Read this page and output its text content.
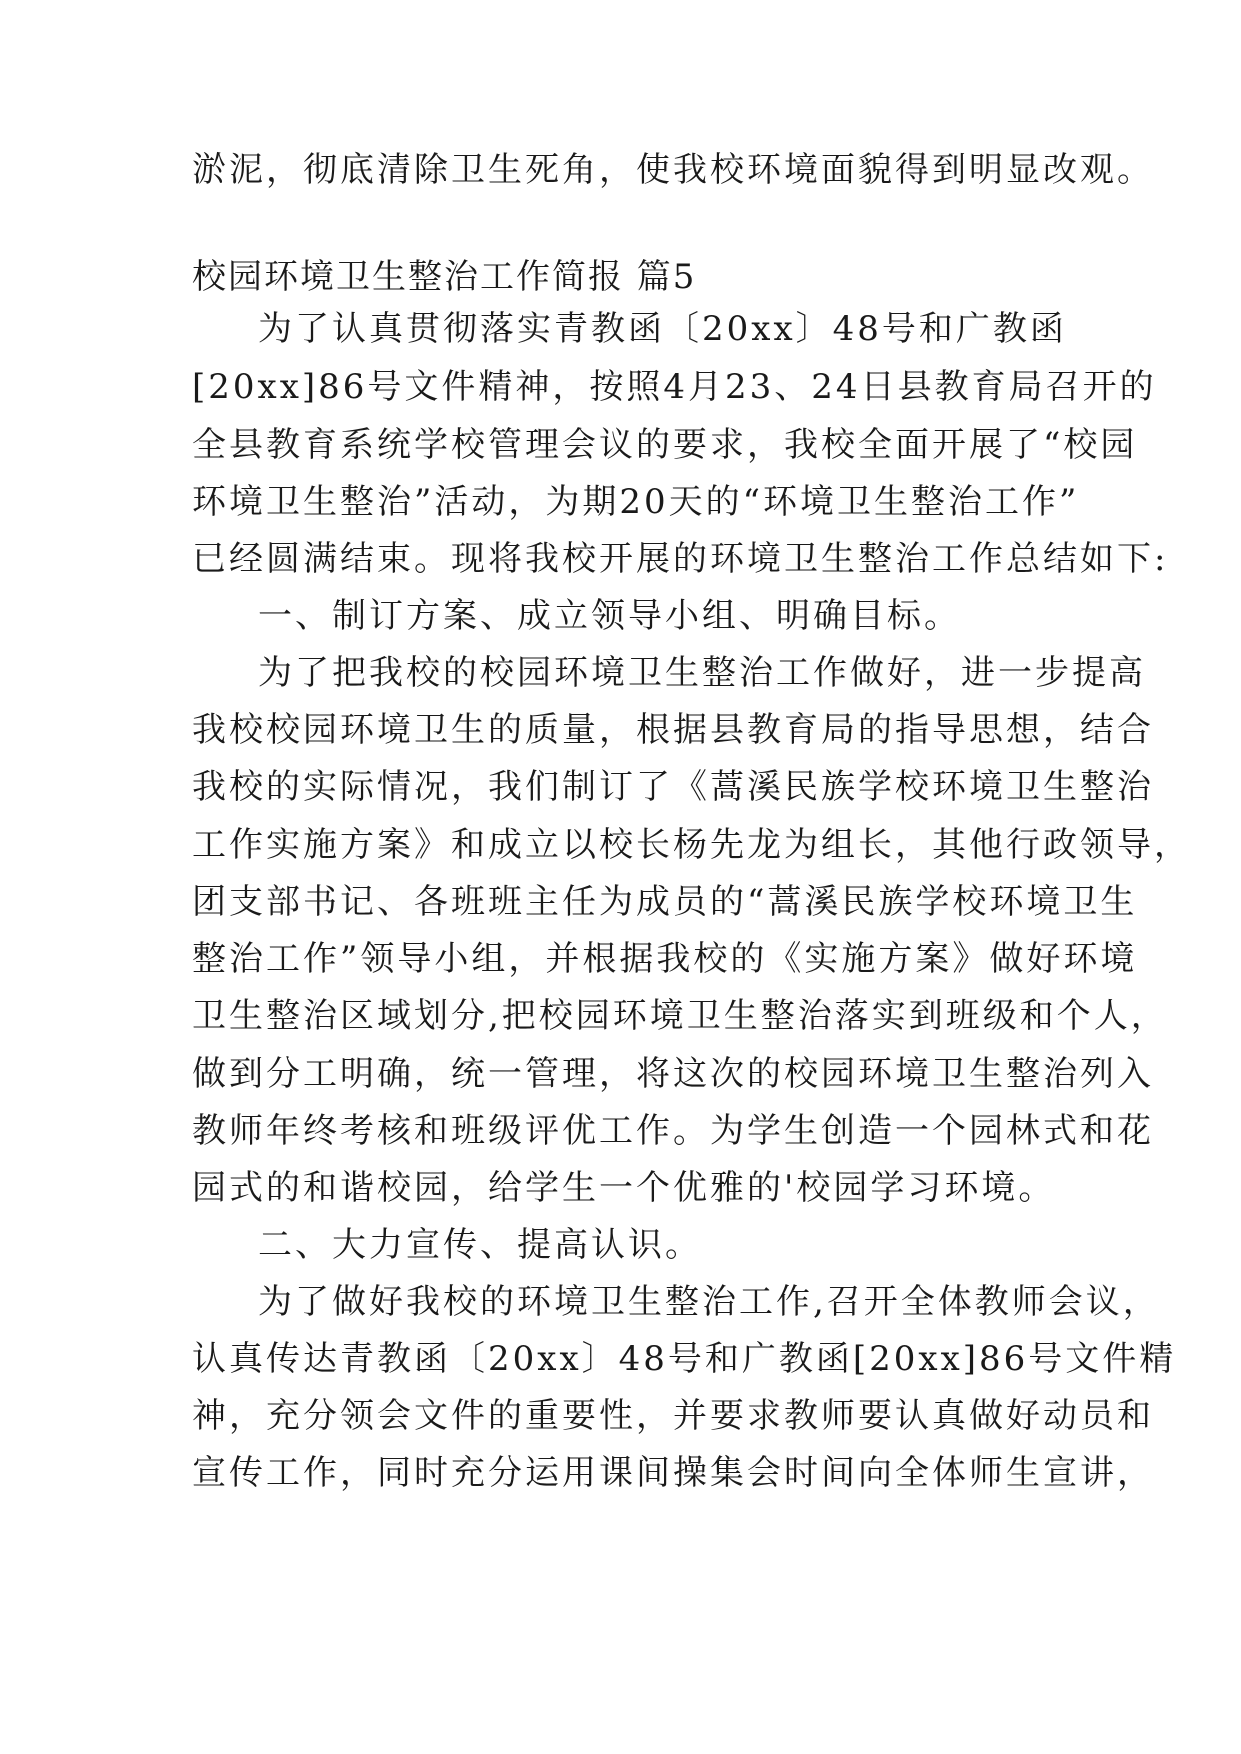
淤泥，彻底清除卫生死角，使我校环境面貌得到明显改观。
校园环境卫生整治工作简报 篇5
为了认真贯彻落实青教函〔20xx〕48号和广教函
[20xx]86号文件精神，按照4月23、24日县教育局召开的
全县教育系统学校管理会议的要求，我校全面开展了“校园
环境卫生整治”活动，为期20天的“环境卫生整治工作”
已经圆满结束。现将我校开展的环境卫生整治工作总结如下:
一、制订方案、成立领导小组、明确目标。
为了把我校的校园环境卫生整治工作做好，进一步提高
我校校园环境卫生的质量，根据县教育局的指导思想，结合
我校的实际情况，我们制订了《蒿溪民族学校环境卫生整治
工作实施方案》和成立以校长杨先龙为组长，其他行政领导，
团支部书记、各班班主任为成员的“蒿溪民族学校环境卫生
整治工作”领导小组，并根据我校的《实施方案》做好环境
卫生整治区域划分,把校园环境卫生整治落实到班级和个人，
做到分工明确，统一管理，将这次的校园环境卫生整治列入
教师年终考核和班级评优工作。为学生创造一个园林式和花
园式的和谐校园，给学生一个优雅的'校园学习环境。
二、大力宣传、提高认识。
为了做好我校的环境卫生整治工作,召开全体教师会议，
认真传达青教函〔20xx〕48号和广教函[20xx]86号文件精
神，充分领会文件的重要性，并要求教师要认真做好动员和
宣传工作，同时充分运用课间操集会时间向全体师生宣讲，
